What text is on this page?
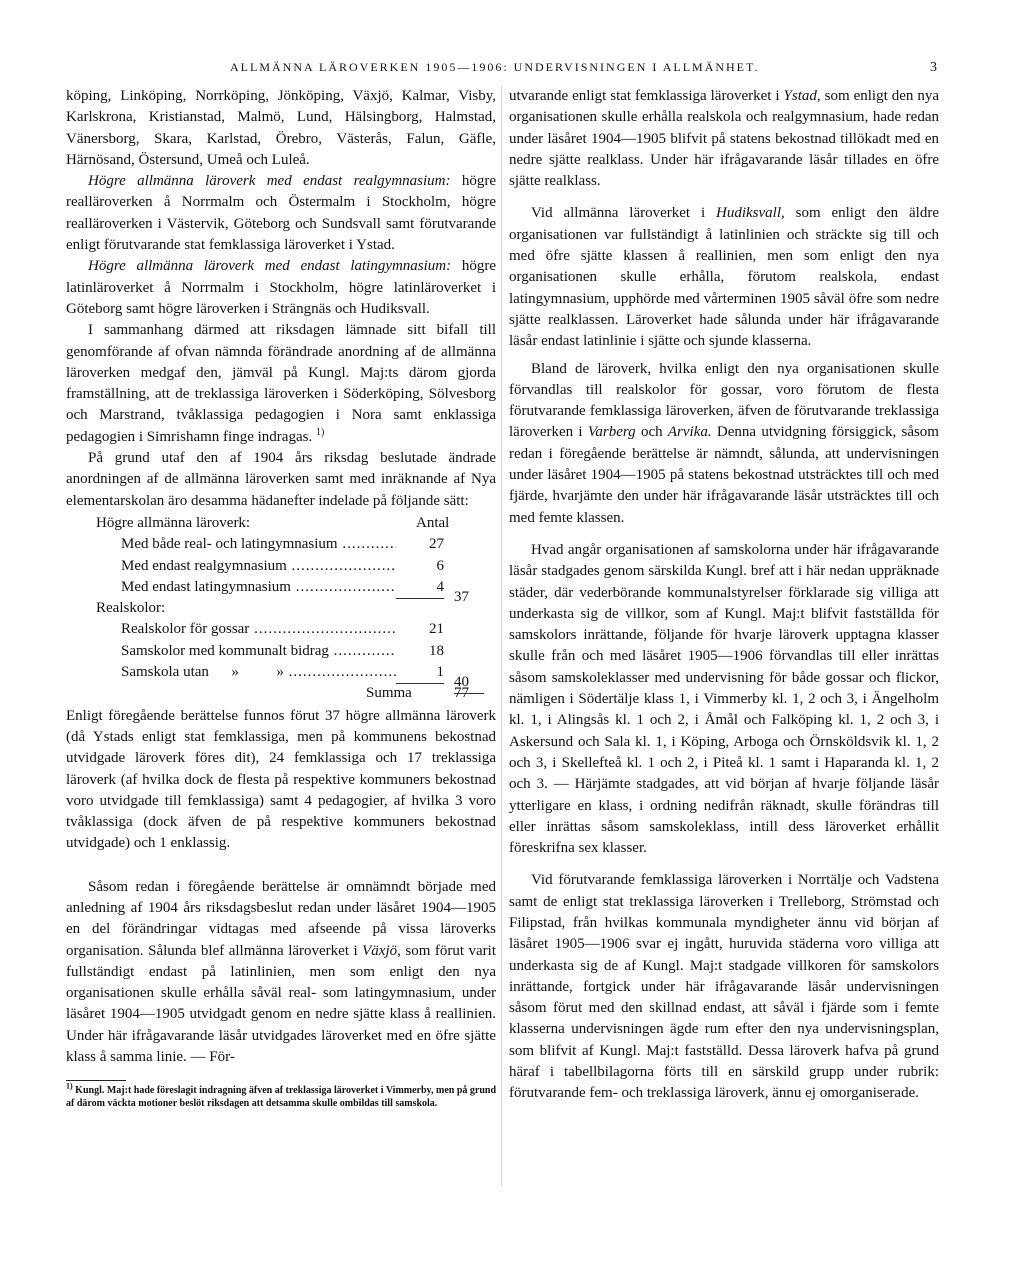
ALLMÄNNA LÄROVERKEN 1905—1906: UNDERVISNINGEN I ALLMÄNHET.	3

köping, Linköping, Norrköping, Jönköping, Växjö, Kalmar, Visby, Karlskrona, Kristianstad, Malmö, Lund, Hälsingborg, Halmstad, Vänersborg, Skara, Karlstad, Örebro, Västerås, Falun, Gäfle, Härnösand, Östersund, Umeå och Luleå.

Högre allmänna läroverk med endast realgymnasium: högre realläroverken å Norrmalm och Östermalm i Stockholm, högre realläroverken i Västervik, Göteborg och Sundsvall samt förutvarande enligt förutvarande stat femklassiga läroverket i Ystad.

Högre allmänna läroverk med endast latingymnasium: högre latinläroverket å Norrmalm i Stockholm, högre latinläroverket i Göteborg samt högre läroverken i Strängnäs och Hudiksvall.

I sammanhang därmed att riksdagen lämnade sitt bifall till genomförande af ofvan nämnda förändrade anordning af de allmänna läroverken medgaf den, jämväl på Kungl. Maj:ts därom gjorda framställning, att de treklassiga läroverken i Söderköping, Sölvesborg och Marstrand, tvåklassiga pedagogien i Nora samt enklassiga pedagogien i Simrishamn finge indragas. $^{1)}$

På grund utaf den af 1904 års riksdag beslutade ändrade anordningen af de allmänna läroverken samt med inräknande af Nya elementarskolan äro desamma hädanefter indelade på följande sätt:

Högre allmänna läroverk:	Antal
Med både real- och latingymnasium .....	27
Med endast realgymnasium .....	6
Med endast latingymnasium .....	4
37
Realskolor:
Realskolor för gossar .....	21
Samskolor med kommunalt bidrag .....	18
Samskola utan      »          » .....	1
40
Summa	77

Enligt föregående berättelse funnos förut 37 högre allmänna läroverk (då Ystads enligt stat femklassiga, men på kommunens bekostnad utvidgade läroverk föres dit), 24 femklassiga och 17 treklassiga läroverk (af hvilka dock de flesta på respektive kommuners bekostnad voro utvidgade till femklassiga) samt 4 pedagogier, af hvilka 3 voro tvåklassiga (dock äfven de på respektive kommuners bekostnad utvidgade) och 1 enklassig.

Såsom redan i föregående berättelse är omnämndt började med anledning af 1904 års riksdagsbeslut redan under läsåret 1904—1905 en del förändringar vidtagas med afseende på vissa läroverks organisation. Sålunda blef allmänna läroverket i Växjö, som förut varit fullständigt endast på latinlinien, men som enligt den nya organisationen skulle erhålla såväl real- som latingymnasium, under läsåret 1904—1905 utvidgadt genom en nedre sjätte klass å reallinien. Under här ifrågavarande läsår utvidgades läroverket med en öfre sjätte klass å samma linie. — För-

$^{1)}$ Kungl. Maj:t hade föreslagit indragning äfven af treklassiga läroverket i Vimmerby, men på grund af därom väckta motioner beslöt riksdagen att detsamma skulle ombildas till samskola.

utvarande enligt stat femklassiga läroverket i Ystad, som enligt den nya organisationen skulle erhålla realskola och realgymnasium, hade redan under läsåret 1904—1905 blifvit på statens bekostnad tillökadt med en nedre sjätte realklass. Under här ifrågavarande läsår tillades en öfre sjätte realklass.

Vid allmänna läroverket i Hudiksvall, som enligt den äldre organisationen var fullständigt å latinlinien och sträckte sig till och med öfre sjätte klassen å reallinien, men som enligt den nya organisationen skulle erhålla, förutom realskola, endast latingymnasium, upphörde med vårterminen 1905 såväl öfre som nedre sjätte realklassen. Läroverket hade sålunda under här ifrågavarande läsår endast latinlinie i sjätte och sjunde klasserna.

Bland de läroverk, hvilka enligt den nya organisationen skulle förvandlas till realskolor för gossar, voro förutom de flesta förutvarande femklassiga läroverken, äfven de förutvarande treklassiga läroverken i Varberg och Arvika. Denna utvidgning försiggick, såsom redan i föregående berättelse är nämndt, sålunda, att undervisningen under läsåret 1904—1905 på statens bekostnad utsträcktes till och med fjärde, hvarjämte den under här ifrågavarande läsår utsträcktes till och med femte klassen.

Hvad angår organisationen af samskolorna under här ifrågavarande läsår stadgades genom särskilda Kungl. bref att i här nedan uppräknade städer, där vederbörande kommunalstyrelser förklarade sig villiga att underkasta sig de villkor, som af Kungl. Maj:t blifvit fastställda för samskolors inrättande, följande för hvarje läroverk upptagna klasser skulle från och med läsåret 1905—1906 förvandlas till eller inrättas såsom samskoleklasser med undervisning för både gossar och flickor, nämligen i Södertälje klass 1, i Vimmerby kl. 1, 2 och 3, i Ängelholm kl. 1, i Alingsås kl. 1 och 2, i Åmål och Falköping kl. 1, 2 och 3, i Askersund och Sala kl. 1, i Köping, Arboga och Örnsköldsvik kl. 1, 2 och 3, i Skellefteå kl. 1 och 2, i Piteå kl. 1 samt i Haparanda kl. 1, 2 och 3. — Härjämte stadgades, att vid början af hvarje följande läsår ytterligare en klass, i ordning nedifrån räknadt, skulle förändras till eller inrättas såsom samskoleklass, intill dess läroverket erhållit föreskrifna sex klasser.

Vid förutvarande femklassiga läroverken i Norrtälje och Vadstena samt de enligt stat treklassiga läroverken i Trelleborg, Strömstad och Filipstad, från hvilkas kommunala myndigheter ännu vid början af läsåret 1905—1906 svar ej ingått, huruvida städerna voro villiga att underkasta sig de af Kungl. Maj:t stadgade villkoren för samskolors inrättande, fortgick under här ifrågavarande läsår undervisningen såsom förut med den skillnad endast, att såväl i fjärde som i femte klasserna undervisningen ägde rum efter den nya undervisningsplan, som blifvit af Kungl. Maj:t fastställd. Dessa läroverk hafva på grund häraf i tabellbilagorna förts till en särskild grupp under rubrik: förutvarande fem- och treklassiga läroverk, ännu ej omorganiserade.
